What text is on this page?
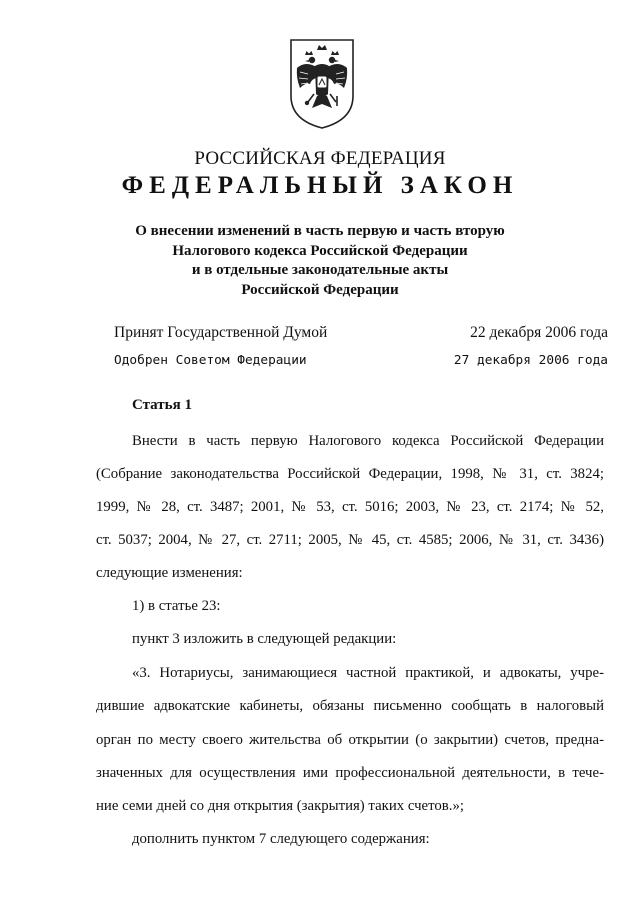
РОССИЙСКАЯ ФЕДЕРАЦИЯ
ФЕДЕРАЛЬНЫЙ ЗАКОН
О внесении изменений в часть первую и часть вторую
Налогового кодекса Российской Федерации
и в отдельные законодательные акты
Российской Федерации
Принят Государственной Думой	22 декабря 2006 года
Одобрен Советом Федерации	27 декабря 2006 года
Статья 1
Внести в часть первую Налогового кодекса Российской Федерации
(Собрание законодательства Российской Федерации, 1998, № 31, ст. 3824;
1999, № 28, ст. 3487; 2001, № 53, ст. 5016; 2003, № 23, ст. 2174; № 52,
ст. 5037; 2004, № 27, ст. 2711; 2005, № 45, ст. 4585; 2006, № 31, ст. 3436)
следующие изменения:
1) в статье 23:
пункт 3 изложить в следующей редакции:
«3. Нотариусы, занимающиеся частной практикой, и адвокаты, учре-
дившие адвокатские кабинеты, обязаны письменно сообщать в налоговый
орган по месту своего жительства об открытии (о закрытии) счетов, предна-
значенных для осуществления ими профессиональной деятельности, в тече-
ние семи дней со дня открытия (закрытия) таких счетов.»;
дополнить пунктом 7 следующего содержания:
